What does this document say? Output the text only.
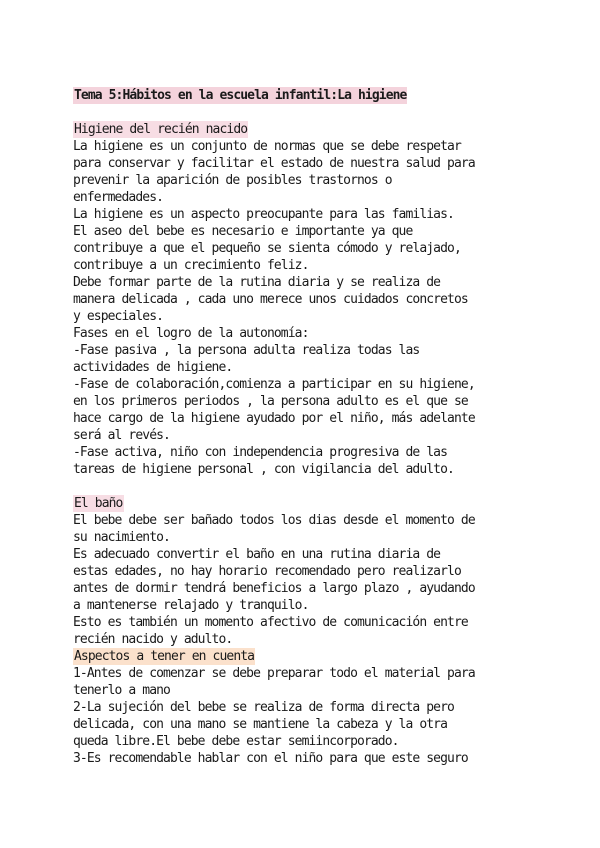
Tema 5:Hábitos en la escuela infantil:La higiene
Higiene del recién nacido
La higiene es un conjunto de normas que se debe respetar
para conservar y facilitar el estado de nuestra salud para
prevenir la aparición de posibles trastornos o
enfermedades.
La higiene es un aspecto preocupante para las familias.
El aseo del bebe es necesario e importante ya que
contribuye a que el pequeño se sienta cómodo y relajado,
contribuye a un crecimiento feliz.
Debe formar parte de la rutina diaria y se realiza de
manera delicada , cada uno merece unos cuidados concretos
y especiales.
Fases en el logro de la autonomía:
-Fase pasiva , la persona adulta realiza todas las
actividades de higiene.
-Fase de colaboración,comienza a participar en su higiene,
en los primeros periodos , la persona adulto es el que se
hace cargo de la higiene ayudado por el niño, más adelante
será al revés.
-Fase activa, niño con independencia progresiva de las
tareas de higiene personal , con vigilancia del adulto.
El baño
El bebe debe ser bañado todos los dias desde el momento de
su nacimiento.
Es adecuado convertir el baño en una rutina diaria de
estas edades, no hay horario recomendado pero realizarlo
antes de dormir tendrá beneficios a largo plazo , ayudando
a mantenerse relajado y tranquilo.
Esto es también un momento afectivo de comunicación entre
recién nacido y adulto.
Aspectos a tener en cuenta
1-Antes de comenzar se debe preparar todo el material para
tenerlo a mano
2-La sujeción del bebe se realiza de forma directa pero
delicada, con una mano se mantiene la cabeza y la otra
queda libre.El bebe debe estar semiincorporado.
3-Es recomendable hablar con el niño para que este seguro
